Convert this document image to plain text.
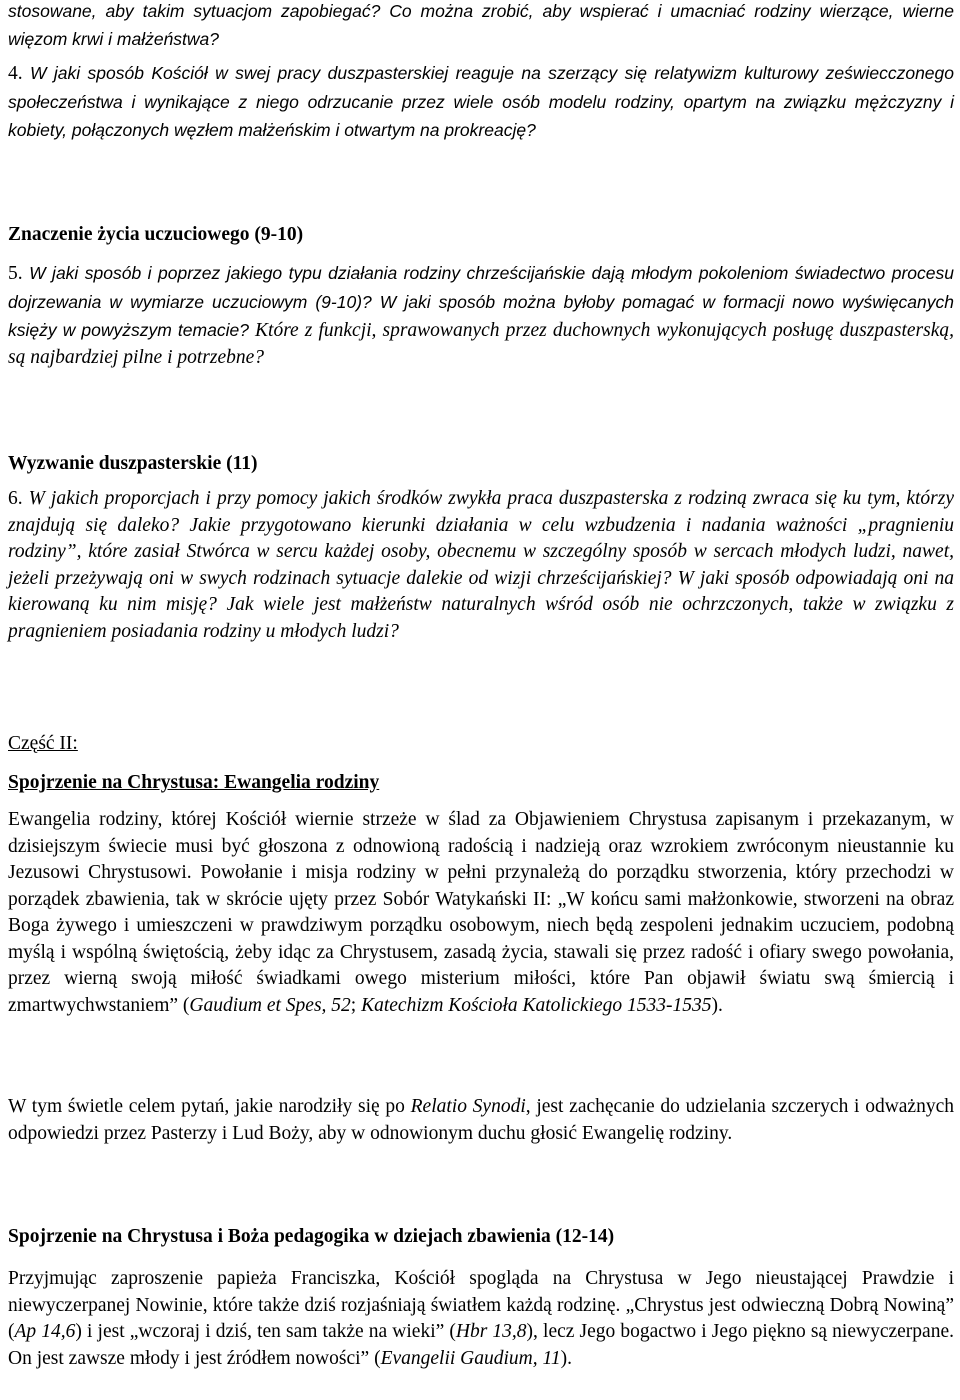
stosowane, aby takim sytuacjom zapobiegać? Co można zrobić, aby wspierać i umacniać rodziny wierzące, wierne więzom krwi i małżeństwa?

4. W jaki sposób Kościół w swej pracy duszpasterskiej reaguje na szerzący się relatywizm kulturowy zeświecczonego społeczeństwa i wynikające z niego odrzucanie przez wiele osób modelu rodziny, opartym na związku mężczyzny i kobiety, połączonych węzłem małżeńskim i otwartym na prokreację?

Znaczenie życia uczuciowego (9-10)

5. W jaki sposób i poprzez jakiego typu działania rodziny chrześcijańskie dają młodym pokoleniom świadectwo procesu dojrzewania w wymiarze uczuciowym (9-10)? W jaki sposób można byłoby pomagać w formacji nowo wyświęcanych księży w powyższym temacie? Które z funkcji, sprawowanych przez duchownych wykonujących posługę duszpasterską, są najbardziej pilne i potrzebne?

Wyzwanie duszpasterskie (11)

6. W jakich proporcjach i przy pomocy jakich środków zwykła praca duszpasterska z rodziną zwraca się ku tym, którzy znajdują się daleko? Jakie przygotowano kierunki działania w celu wzbudzenia i nadania ważności „pragnieniu rodziny”, które zasiał Stwórca w sercu każdej osoby, obecnemu w szczególny sposób w sercach młodych ludzi, nawet, jeżeli przeżywają oni w swych rodzinach sytuacje dalekie od wizji chrześcijańskiej? W jaki sposób odpowiadają oni na kierowaną ku nim misję? Jak wiele jest małżeństw naturalnych wśród osób nie ochrzczonych, także w związku z pragnieniem posiadania rodziny u młodych ludzi?

Część II:
Spojrzenie na Chrystusa: Ewangelia rodziny

Ewangelia rodziny, której Kościół wiernie strzeże w ślad za Objawieniem Chrystusa zapisanym i przekazanym, w dzisiejszym świecie musi być głoszona z odnowioną radością i nadzieją oraz wzrokiem zwróconym nieustannie ku Jezusowi Chrystusowi. Powołanie i misja rodziny w pełni przynależą do porządku stworzenia, który przechodzi w porządek zbawienia, tak w skrócie ujęty przez Sobór Watykański II: „W końcu sami małżonkowie, stworzeni na obraz Boga żywego i umieszczeni w prawdziwym porządku osobowym, niech będą zespoleni jednakim uczuciem, podobną myślą i wspólną świętością, żeby idąc za Chrystusem, zasadą życia, stawali się przez radość i ofiary swego powołania, przez wierną swoją miłość świadkami owego misterium miłości, które Pan objawił światu swą śmiercią i zmartwychwstaniem” (Gaudium et Spes, 52; Katechizm Kościoła Katolickiego 1533-1535).

W tym świetle celem pytań, jakie narodziły się po Relatio Synodi, jest zachęcanie do udzielania szczerych i odważnych odpowiedzi przez Pasterzy i Lud Boży, aby w odnowionym duchu głosić Ewangelię rodziny.

Spojrzenie na Chrystusa i Boża pedagogika w dziejach zbawienia (12-14)

Przyjmując zaproszenie papieża Franciszka, Kościół spogląda na Chrystusa w Jego nieustającej Prawdzie i niewyczerpanej Nowinie, które także dziś rozjaśniają światłem każdą rodzinę. „Chrystus jest odwieczną Dobrą Nowiną” (Ap 14,6) i jest „wczoraj i dziś, ten sam także na wieki” (Hbr 13,8), lecz Jego bogactwo i Jego piękno są niewyczerpane. On jest zawsze młody i jest źródłem nowości” (Evangelii Gaudium, 11).
